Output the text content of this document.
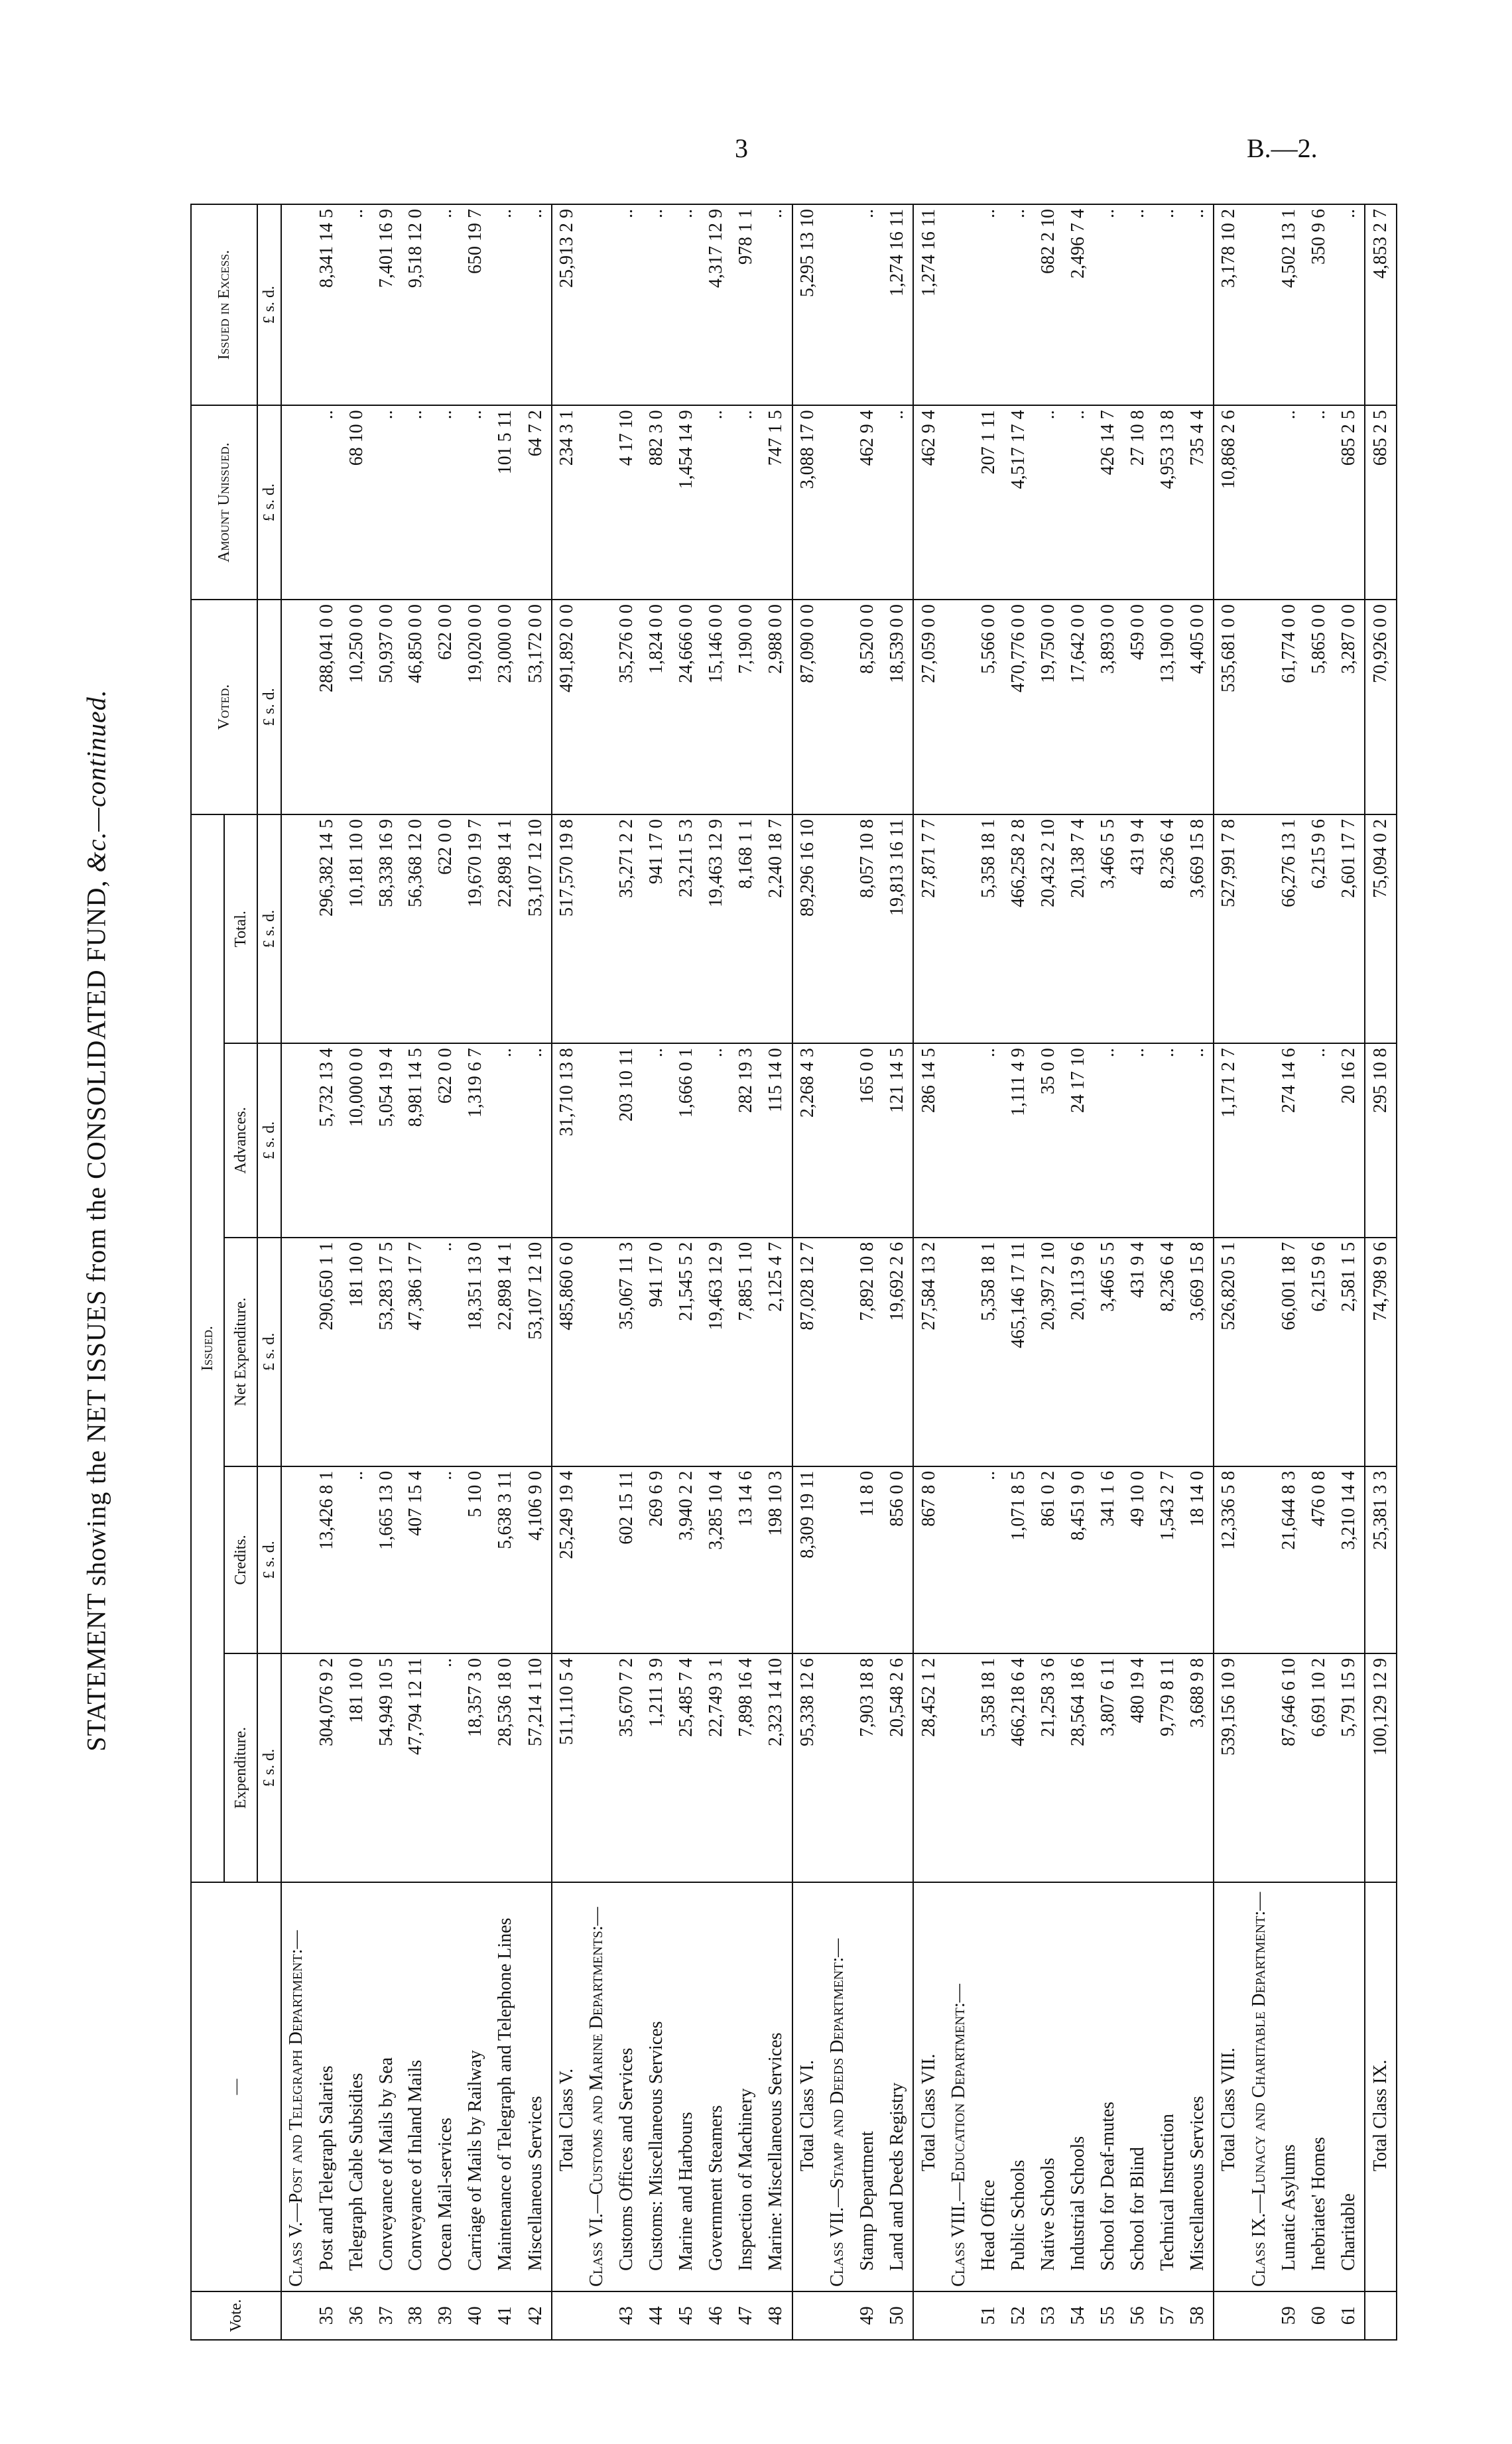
3	B.—2.
STATEMENT showing the NET ISSUES from the CONSOLIDATED FUND, &c.—continued.
Vote.	—	Issued.					Voted.	Amount Unissued.	Issued in Excess.
		Expenditure.	Credits.	Net Expenditure.	Advances.	Total.			
		£ s. d.	£ s. d.	£ s. d.	£ s. d.	£ s. d.	£ s. d.	£ s. d.	£ s. d.
	Class V.—Post and Telegraph Department:—								
35	Post and Telegraph Salaries	304,076 9 2	13,426 8 1	290,650 1 1	5,732 13 4	296,382 14 5	288,041 0 0	..	8,341 14 5
36	Telegraph Cable Subsidies	181 10 0	..	181 10 0	10,000 0 0	10,181 10 0	10,250 0 0	68 10 0	..
37	Conveyance of Mails by Sea	54,949 10 5	1,665 13 0	53,283 17 5	5,054 19 4	58,338 16 9	50,937 0 0	..	7,401 16 9
38	Conveyance of Inland Mails	47,794 12 11	407 15 4	47,386 17 7	8,981 14 5	56,368 12 0	46,850 0 0	..	9,518 12 0
39	Ocean Mail-services	..	..	..	622 0 0	622 0 0	622 0 0	..	..
40	Carriage of Mails by Railway	18,357 3 0	5 10 0	18,351 13 0	1,319 6 7	19,670 19 7	19,020 0 0	..	650 19 7
41	Maintenance of Telegraph and Telephone Lines	28,536 18 0	5,638 3 11	22,898 14 1	..	22,898 14 1	23,000 0 0	101 5 11	..
42	Miscellaneous Services	57,214 1 10	4,106 9 0	53,107 12 10	..	53,107 12 10	53,172 0 0	64 7 2	..
	Total Class V.	511,110 5 4	25,249 19 4	485,860 6 0	31,710 13 8	517,570 19 8	491,892 0 0	234 3 1	25,913 2 9
	Class VI.—Customs and Marine Departments:—								
43	Customs Offices and Services	35,670 7 2	602 15 11	35,067 11 3	203 10 11	35,271 2 2	35,276 0 0	4 17 10	..
44	Customs: Miscellaneous Services	1,211 3 9	269 6 9	941 17 0	..	941 17 0	1,824 0 0	882 3 0	..
45	Marine and Harbours	25,485 7 4	3,940 2 2	21,545 5 2	1,666 0 1	23,211 5 3	24,666 0 0	1,454 14 9	..
46	Government Steamers	22,749 3 1	3,285 10 4	19,463 12 9	..	19,463 12 9	15,146 0 0	..	4,317 12 9
47	Inspection of Machinery	7,898 16 4	13 14 6	7,885 1 10	282 19 3	8,168 1 1	7,190 0 0	..	978 1 1
48	Marine: Miscellaneous Services	2,323 14 10	198 10 3	2,125 4 7	115 14 0	2,240 18 7	2,988 0 0	747 1 5	..
	Total Class VI.	95,338 12 6	8,309 19 11	87,028 12 7	2,268 4 3	89,296 16 10	87,090 0 0	3,088 17 0	5,295 13 10
	Class VII.—Stamp and Deeds Department:—								
49	Stamp Department	7,903 18 8	11 8 0	7,892 10 8	165 0 0	8,057 10 8	8,520 0 0	462 9 4	..
50	Land and Deeds Registry	20,548 2 6	856 0 0	19,692 2 6	121 14 5	19,813 16 11	18,539 0 0	..	1,274 16 11
	Total Class VII.	28,452 1 2	867 8 0	27,584 13 2	286 14 5	27,871 7 7	27,059 0 0	462 9 4	1,274 16 11
	Class VIII.—Education Department:—								
51	Head Office	5,358 18 1	..	5,358 18 1	..	5,358 18 1	5,566 0 0	207 1 11	..
52	Public Schools	466,218 6 4	1,071 8 5	465,146 17 11	1,111 4 9	466,258 2 8	470,776 0 0	4,517 17 4	..
53	Native Schools	21,258 3 6	861 0 2	20,397 2 10	35 0 0	20,432 2 10	19,750 0 0	..	682 2 10
54	Industrial Schools	28,564 18 6	8,451 9 0	20,113 9 6	24 17 10	20,138 7 4	17,642 0 0	..	2,496 7 4
55	School for Deaf-mutes	3,807 6 11	341 1 6	3,466 5 5	..	3,466 5 5	3,893 0 0	426 14 7	..
56	School for Blind	480 19 4	49 10 0	431 9 4	..	431 9 4	459 0 0	27 10 8	..
57	Technical Instruction	9,779 8 11	1,543 2 7	8,236 6 4	..	8,236 6 4	13,190 0 0	4,953 13 8	..
58	Miscellaneous Services	3,688 9 8	18 14 0	3,669 15 8	..	3,669 15 8	4,405 0 0	735 4 4	..
	Total Class VIII.	539,156 10 9	12,336 5 8	526,820 5 1	1,171 2 7	527,991 7 8	535,681 0 0	10,868 2 6	3,178 10 2
	Class IX.—Lunacy and Charitable Department:—								
59	Lunatic Asylums	87,646 6 10	21,644 8 3	66,001 18 7	274 14 6	66,276 13 1	61,774 0 0	..	4,502 13 1
60	Inebriates' Homes	6,691 10 2	476 0 8	6,215 9 6	..	6,215 9 6	5,865 0 0	..	350 9 6
61	Charitable	5,791 15 9	3,210 14 4	2,581 1 5	20 16 2	2,601 17 7	3,287 0 0	685 2 5	..
	Total Class IX.	100,129 12 9	25,381 3 3	74,798 9 6	295 10 8	75,094 0 2	70,926 0 0	685 2 5	4,853 2 7
